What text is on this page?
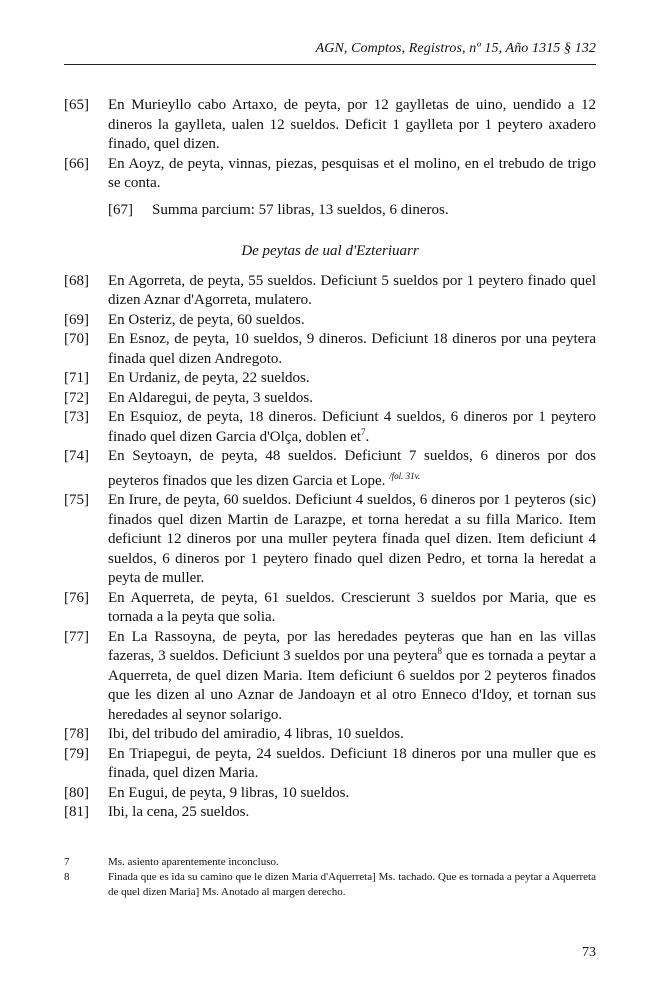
AGN, Comptos, Registros, nº 15, Año 1315 § 132
[65]	En Murieyllo cabo Artaxo, de peyta, por 12 gaylletas de uino, uendido a 12 dineros la gaylleta, ualen 12 sueldos. Deficit 1 gaylleta por 1 peytero axadero finado, quel dizen.
[66]	En Aoyz, de peyta, vinnas, piezas, pesquisas et el molino, en el trebudo de trigo se conta.
[67]	Summa parcium: 57 libras, 13 sueldos, 6 dineros.
De peytas de ual d'Ezteriuarr
[68]	En Agorreta, de peyta, 55 sueldos. Deficiunt 5 sueldos por 1 peytero finado quel dizen Aznar d'Agorreta, mulatero.
[69]	En Osteriz, de peyta, 60 sueldos.
[70]	En Esnoz, de peyta, 10 sueldos, 9 dineros. Deficiunt 18 dineros por una peytera finada quel dizen Andregoto.
[71]	En Urdaniz, de peyta, 22 sueldos.
[72]	En Aldaregui, de peyta, 3 sueldos.
[73]	En Esquioz, de peyta, 18 dineros. Deficiunt 4 sueldos, 6 dineros por 1 peytero finado quel dizen Garcia d'Olça, doblen $et^7$.
[74]	En Seytoayn, de peyta, 48 sueldos. Deficiunt 7 sueldos, 6 dineros por dos peyteros finados que les dizen Garcia et Lope. $^{/fol. 31v.}$
[75]	En Irure, de peyta, 60 sueldos. Deficiunt 4 sueldos, 6 dineros por 1 peyteros (sic) finados quel dizen Martin de Larazpe, et torna heredat a su filla Marico. Item deficiunt 12 dineros por una muller peytera finada quel dizen. Item deficiunt 4 sueldos, 6 dineros por 1 peytero finado quel dizen Pedro, et torna la heredat a peyta de muller.
[76]	En Aquerreta, de peyta, 61 sueldos. Crescierunt 3 sueldos por Maria, que es tornada a la peyta que solia.
[77]	En La Rassoyna, de peyta, por las heredades peyteras que han en las villas fazeras, 3 sueldos. Deficiunt 3 sueldos por una peytera$^8$ que es tornada a peytar a Aquerreta, de quel dizen Maria. Item deficiunt 6 sueldos por 2 peyteros finados que les dizen al uno Aznar de Jandoayn et al otro Enneco d'Idoy, et tornan sus heredades al seynor solarigo.
[78]	Ibi, del tribudo del amiradio, 4 libras, 10 sueldos.
[79]	En Triapegui, de peyta, 24 sueldos. Deficiunt 18 dineros por una muller que es finada, quel dizen Maria.
[80]	En Eugui, de peyta, 9 libras, 10 sueldos.
[81]	Ibi, la cena, 25 sueldos.
7	Ms. asiento aparentemente inconcluso.
8	Finada que es ida su camino que le dizen Maria d'Aquerreta] Ms. tachado. Que es tornada a peytar a Aquerreta de quel dizen Maria] Ms. Anotado al margen derecho.
73
